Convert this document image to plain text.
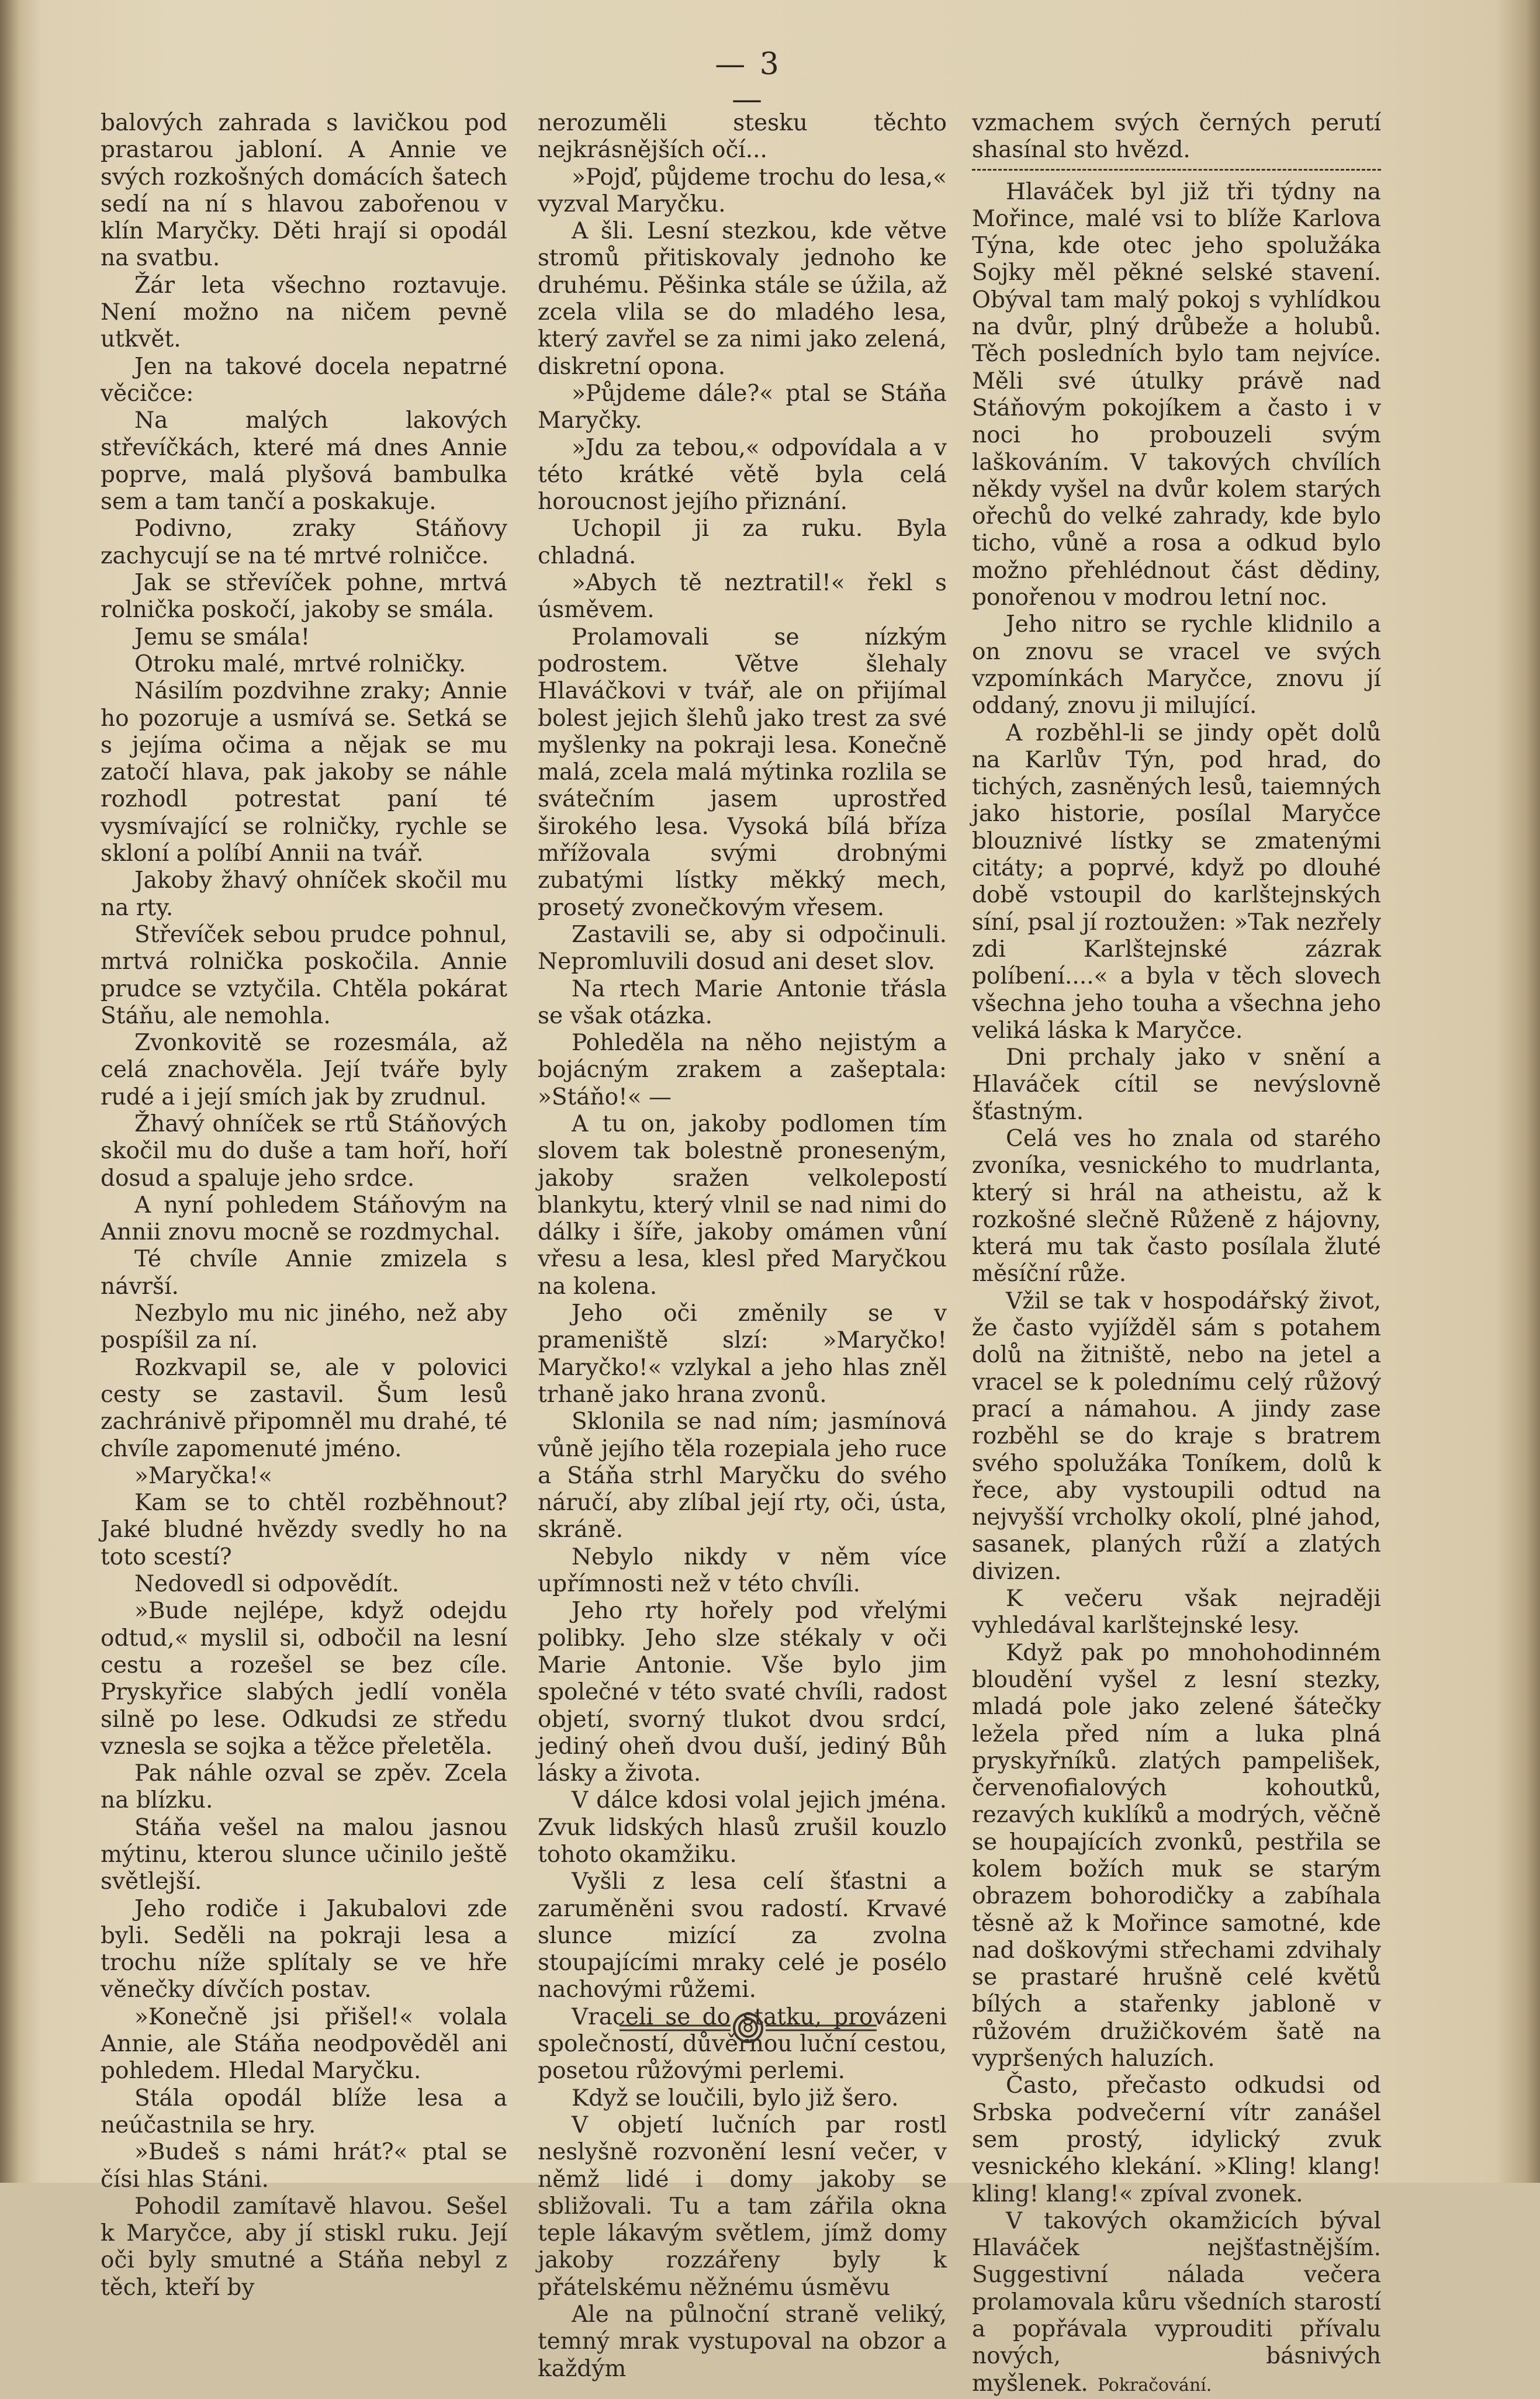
— 3 —

balových zahrada s lavičkou pod prastarou jabloní. A Annie ve svých rozkošných domácích šatech sedí na ní s hlavou zabořenou v klín Maryčky. Děti hrají si opodál na svatbu.

Žár leta všechno roztavuje. Není možno na ničem pevně utkvět.

Jen na takové docela nepatrné věcičce:

Na malých lakových střevíčkách, které má dnes Annie poprve, malá plyšová bambulka sem a tam tančí a poskakuje.

Podivno, zraky Stáňovy zachycují se na té mrtvé rolničce.

Jak se střevíček pohne, mrtvá rolnička poskočí, jakoby se smála.

Jemu se smála!

Otroku malé, mrtvé rolničky.

Násilím pozdvihne zraky; Annie ho pozoruje a usmívá se. Setká se s jejíma očima a nějak se mu zatočí hlava, pak jakoby se náhle rozhodl potrestat paní té vysmívající se rolničky, rychle se skloní a políbí Annii na tvář.

Jakoby žhavý ohníček skočil mu na rty.

Střevíček sebou prudce pohnul, mrtvá rolnička poskočila. Annie prudce se vztyčila. Chtěla pokárat Stáňu, ale nemohla.

Zvonkovitě se rozesmála, až celá znachověla. Její tváře byly rudé a i její smích jak by zrudnul.

Žhavý ohníček se rtů Stáňových skočil mu do duše a tam hoří, hoří dosud a spaluje jeho srdce.

A nyní pohledem Stáňovým na Annii znovu mocně se rozdmychal.

Té chvíle Annie zmizela s návrší.

Nezbylo mu nic jiného, než aby pospíšil za ní.

Rozkvapil se, ale v polovici cesty se zastavil. Šum lesů zachránivě připomněl mu drahé, té chvíle zapomenuté jméno.

»Maryčka!«

Kam se to chtěl rozběhnout? Jaké bludné hvězdy svedly ho na toto scestí?

Nedovedl si odpovědít.

»Bude nejlépe, když odejdu odtud,« myslil si, odbočil na lesní cestu a rozešel se bez cíle. Pryskyřice slabých jedlí voněla silně po lese. Odkudsi ze středu vznesla se sojka a těžce přeletěla.

Pak náhle ozval se zpěv. Zcela na blízku.

Stáňa vešel na malou jasnou mýtinu, kterou slunce učinilo ještě světlejší.

Jeho rodiče i Jakubalovi zde byli. Seděli na pokraji lesa a trochu níže splítaly se ve hře věnečky dívčích postav.

»Konečně jsi přišel!« volala Annie, ale Stáňa neodpověděl ani pohledem. Hledal Maryčku.

Stála opodál blíže lesa a neúčastnila se hry.

»Budeš s námi hrát?« ptal se čísi hlas Stáni.

Pohodil zamítavě hlavou. Sešel k Maryčce, aby jí stiskl ruku. Její oči byly smutné a Stáňa nebyl z těch, kteří by

nerozuměli stesku těchto nejkrásnějších očí...

»Pojď, půjdeme trochu do lesa,« vyzval Maryčku.

A šli. Lesní stezkou, kde větve stromů přitiskovaly jednoho ke druhému. Pěšinka stále se úžila, až zcela vlila se do mladého lesa, který zavřel se za nimi jako zelená, diskretní opona.

»Půjdeme dále?« ptal se Stáňa Maryčky.

»Jdu za tebou,« odpovídala a v této krátké větě byla celá horoucnost jejího přiznání.

Uchopil ji za ruku. Byla chladná.

»Abych tě neztratil!« řekl s úsměvem.

Prolamovali se nízkým podrostem. Větve šlehaly Hlaváčkovi v tvář, ale on přijímal bolest jejich šlehů jako trest za své myšlenky na pokraji lesa. Konečně malá, zcela malá mýtinka rozlila se svátečním jasem uprostřed širokého lesa. Vysoká bílá bříza mřížovala svými drobnými zubatými lístky měkký mech, prosetý zvonečkovým vřesem.

Zastavili se, aby si odpočinuli. Nepromluvili dosud ani deset slov.

Na rtech Marie Antonie třásla se však otázka.

Pohleděla na něho nejistým a bojácným zrakem a zašeptala: »Stáňo!« —

A tu on, jakoby podlomen tím slovem tak bolestně proneseným, jakoby sražen velkolepostí blankytu, který vlnil se nad nimi do dálky i šíře, jakoby omámen vůní vřesu a lesa, klesl před Maryčkou na kolena.

Jeho oči změnily se v prameniště slzí: »Maryčko! Maryčko!« vzlykal a jeho hlas zněl trhaně jako hrana zvonů.

Sklonila se nad ním; jasmínová vůně jejího těla rozepiala jeho ruce a Stáňa strhl Maryčku do svého náručí, aby zlíbal její rty, oči, ústa, skráně.

Nebylo nikdy v něm více upřímnosti než v této chvíli.

Jeho rty hořely pod vřelými polibky. Jeho slze stékaly v oči Marie Antonie. Vše bylo jim společné v této svaté chvíli, radost objetí, svorný tlukot dvou srdcí, jediný oheň dvou duší, jediný Bůh lásky a života.

V dálce kdosi volal jejich jména. Zvuk lidských hlasů zrušil kouzlo tohoto okamžiku.

Vyšli z lesa celí šťastni a zaruměněni svou radostí. Krvavé slunce mizící za zvolna stoupajícími mraky celé je posélo nachovými růžemi.

Vraceli se do statku, provázeni společností, důvěrnou luční cestou, posetou růžovými perlemi.

Když se loučili, bylo již šero.

V objetí lučních par rostl neslyšně rozvonění lesní večer, v němž lidé i domy jakoby se sbližovali. Tu a tam zářila okna teple lákavým světlem, jímž domy jakoby rozzářeny byly k přátelskému něžnému úsměvu

Ale na půlnoční straně veliký, temný mrak vystupoval na obzor a každým

vzmachem svých černých perutí shasínal sto hvězd.

Hlaváček byl již tři týdny na Mořince, malé vsi to blíže Karlova Týna, kde otec jeho spolužáka Sojky měl pěkné selské stavení. Obýval tam malý pokoj s vyhlídkou na dvůr, plný drůbeže a holubů. Těch posledních bylo tam nejvíce. Měli své útulky právě nad Stáňovým pokojíkem a často i v noci ho probouzeli svým laškováním. V takových chvílích někdy vyšel na dvůr kolem starých ořechů do velké zahrady, kde bylo ticho, vůně a rosa a odkud bylo možno přehlédnout část dědiny, ponořenou v modrou letní noc.

Jeho nitro se rychle klidnilo a on znovu se vracel ve svých vzpomínkách Maryčce, znovu jí oddaný, znovu ji milující.

A rozběhl-li se jindy opět dolů na Karlův Týn, pod hrad, do tichých, zasněných lesů, taiemných jako historie, posílal Maryčce blouznivé lístky se zmatenými citáty; a poprvé, když po dlouhé době vstoupil do karlštejnských síní, psal jí roztoužen: »Tak nezřely zdi Karlštejnské zázrak políbení....« a byla v těch slovech všechna jeho touha a všechna jeho veliká láska k Maryčce.

Dni prchaly jako v snění a Hlaváček cítil se nevýslovně šťastným.

Celá ves ho znala od starého zvoníka, vesnického to mudrlanta, který si hrál na atheistu, až k rozkošné slečně Růženě z hájovny, která mu tak často posílala žluté měsíční růže.

Vžil se tak v hospodářský život, že často vyjížděl sám s potahem dolů na žitniště, nebo na jetel a vracel se k polednímu celý růžový prací a námahou. A jindy zase rozběhl se do kraje s bratrem svého spolužáka Toníkem, dolů k řece, aby vystoupili odtud na nejvyšší vrcholky okolí, plné jahod, sasanek, planých růží a zlatých divizen.

K večeru však nejraději vyhledával karlštejnské lesy.

Když pak po mnohohodinném bloudění vyšel z lesní stezky, mladá pole jako zelené šátečky ležela před ním a luka plná pryskyřníků. zlatých pampelišek, červenofialových kohoutků, rezavých kuklíků a modrých, věčně se houpajících zvonků, pestřila se kolem božích muk se starým obrazem bohorodičky a zabíhala těsně až k Mořince samotné, kde nad doškovými střechami zdvihaly se prastaré hrušně celé květů bílých a stařenky jabloně v růžovém družičkovém šatě na vypršených haluzích.

Často, přečasto odkudsi od Srbska podvečerní vítr zanášel sem prostý, idylický zvuk vesnického klekání. »Kling! klang! kling! klang!« zpíval zvonek.

V takových okamžicích býval Hlaváček nejšťastnějším. Suggestivní nálada večera prolamovala kůru všedních starostí a popřávala vyprouditi přívalu nových, básnivých myšlenek. Pokračování.
